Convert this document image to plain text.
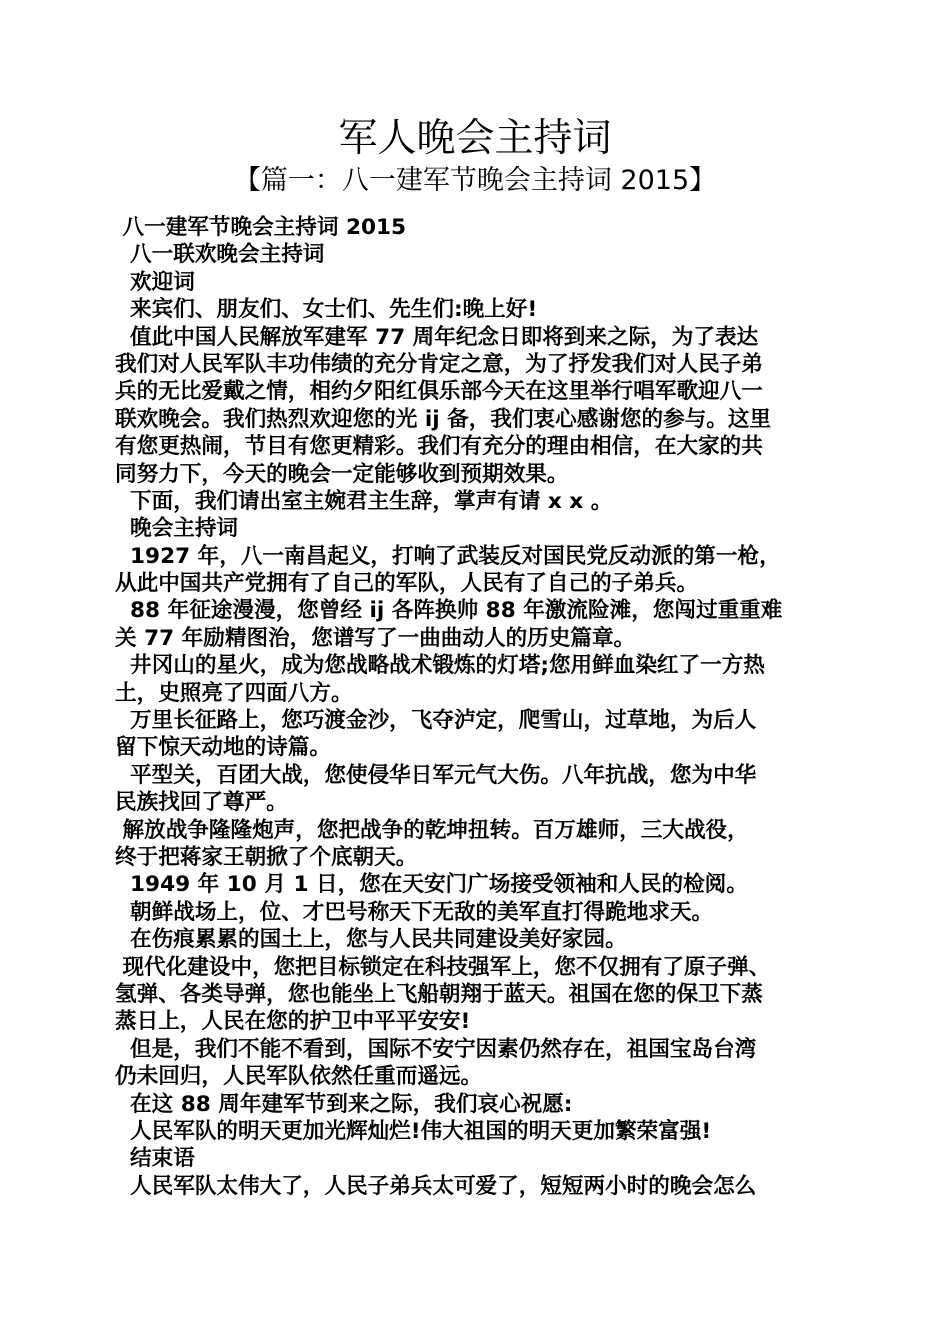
军人晚会主持词
【篇一：八一建军节晚会主持词 2015】
八一建军节晚会主持词 2015
八一联欢晚会主持词
欢迎词
来宾们、朋友们、女士们、先生们:晚上好!
值此中国人民解放军建军 77 周年纪念日即将到来之际，为了表达
我们对人民军队丰功伟绩的充分肯定之意，为了抒发我们对人民子弟
兵的无比爱戴之情，相约夕阳红俱乐部今天在这里举行唱军歌迎八一
联欢晚会。我们热烈欢迎您的光 ij 备，我们衷心感谢您的参与。这里
有您更热闹，节目有您更精彩。我们有充分的理由相信，在大家的共
同努力下，今天的晚会一定能够收到预期效果。
下面，我们请出室主婉君主生辞，掌声有请 x x 。
晚会主持词
1927 年，八一南昌起义，打响了武装反对国民党反动派的第一枪，
从此中国共产党拥有了自己的军队，人民有了自己的子弟兵。
88 年征途漫漫，您曾经 ij 各阵换帅 88 年激流险滩，您闯过重重难
关 77 年励精图治，您谱写了一曲曲动人的历史篇章。
井冈山的星火，成为您战略战术锻炼的灯塔;您用鲜血染红了一方热
土，史照亮了四面八方。
万里长征路上，您巧渡金沙，飞夺泸定，爬雪山，过草地，为后人
留下惊天动地的诗篇。
平型关，百团大战，您使侵华日军元气大伤。八年抗战，您为中华
民族找回了尊严。
解放战争隆隆炮声，您把战争的乾坤扭转。百万雄师，三大战役，
终于把蒋家王朝掀了个底朝天。
1949 年 10 月 1 日，您在天安门广场接受领袖和人民的检阅。
朝鲜战场上，位、才巴号称天下无敌的美军直打得跪地求天。
在伤痕累累的国土上，您与人民共同建设美好家园。
现代化建设中，您把目标锁定在科技强军上，您不仅拥有了原子弹、
氢弹、各类导弹，您也能坐上飞船朝翔于蓝天。祖国在您的保卫下蒸
蒸日上，人民在您的护卫中平平安安!
但是，我们不能不看到，国际不安宁因素仍然存在，祖国宝岛台湾
仍未回归，人民军队依然任重而遥远。
在这 88 周年建军节到来之际，我们哀心祝愿:
人民军队的明天更加光辉灿烂!伟大祖国的明天更加繁荣富强!
结束语
人民军队太伟大了，人民子弟兵太可爱了，短短两小时的晚会怎么
